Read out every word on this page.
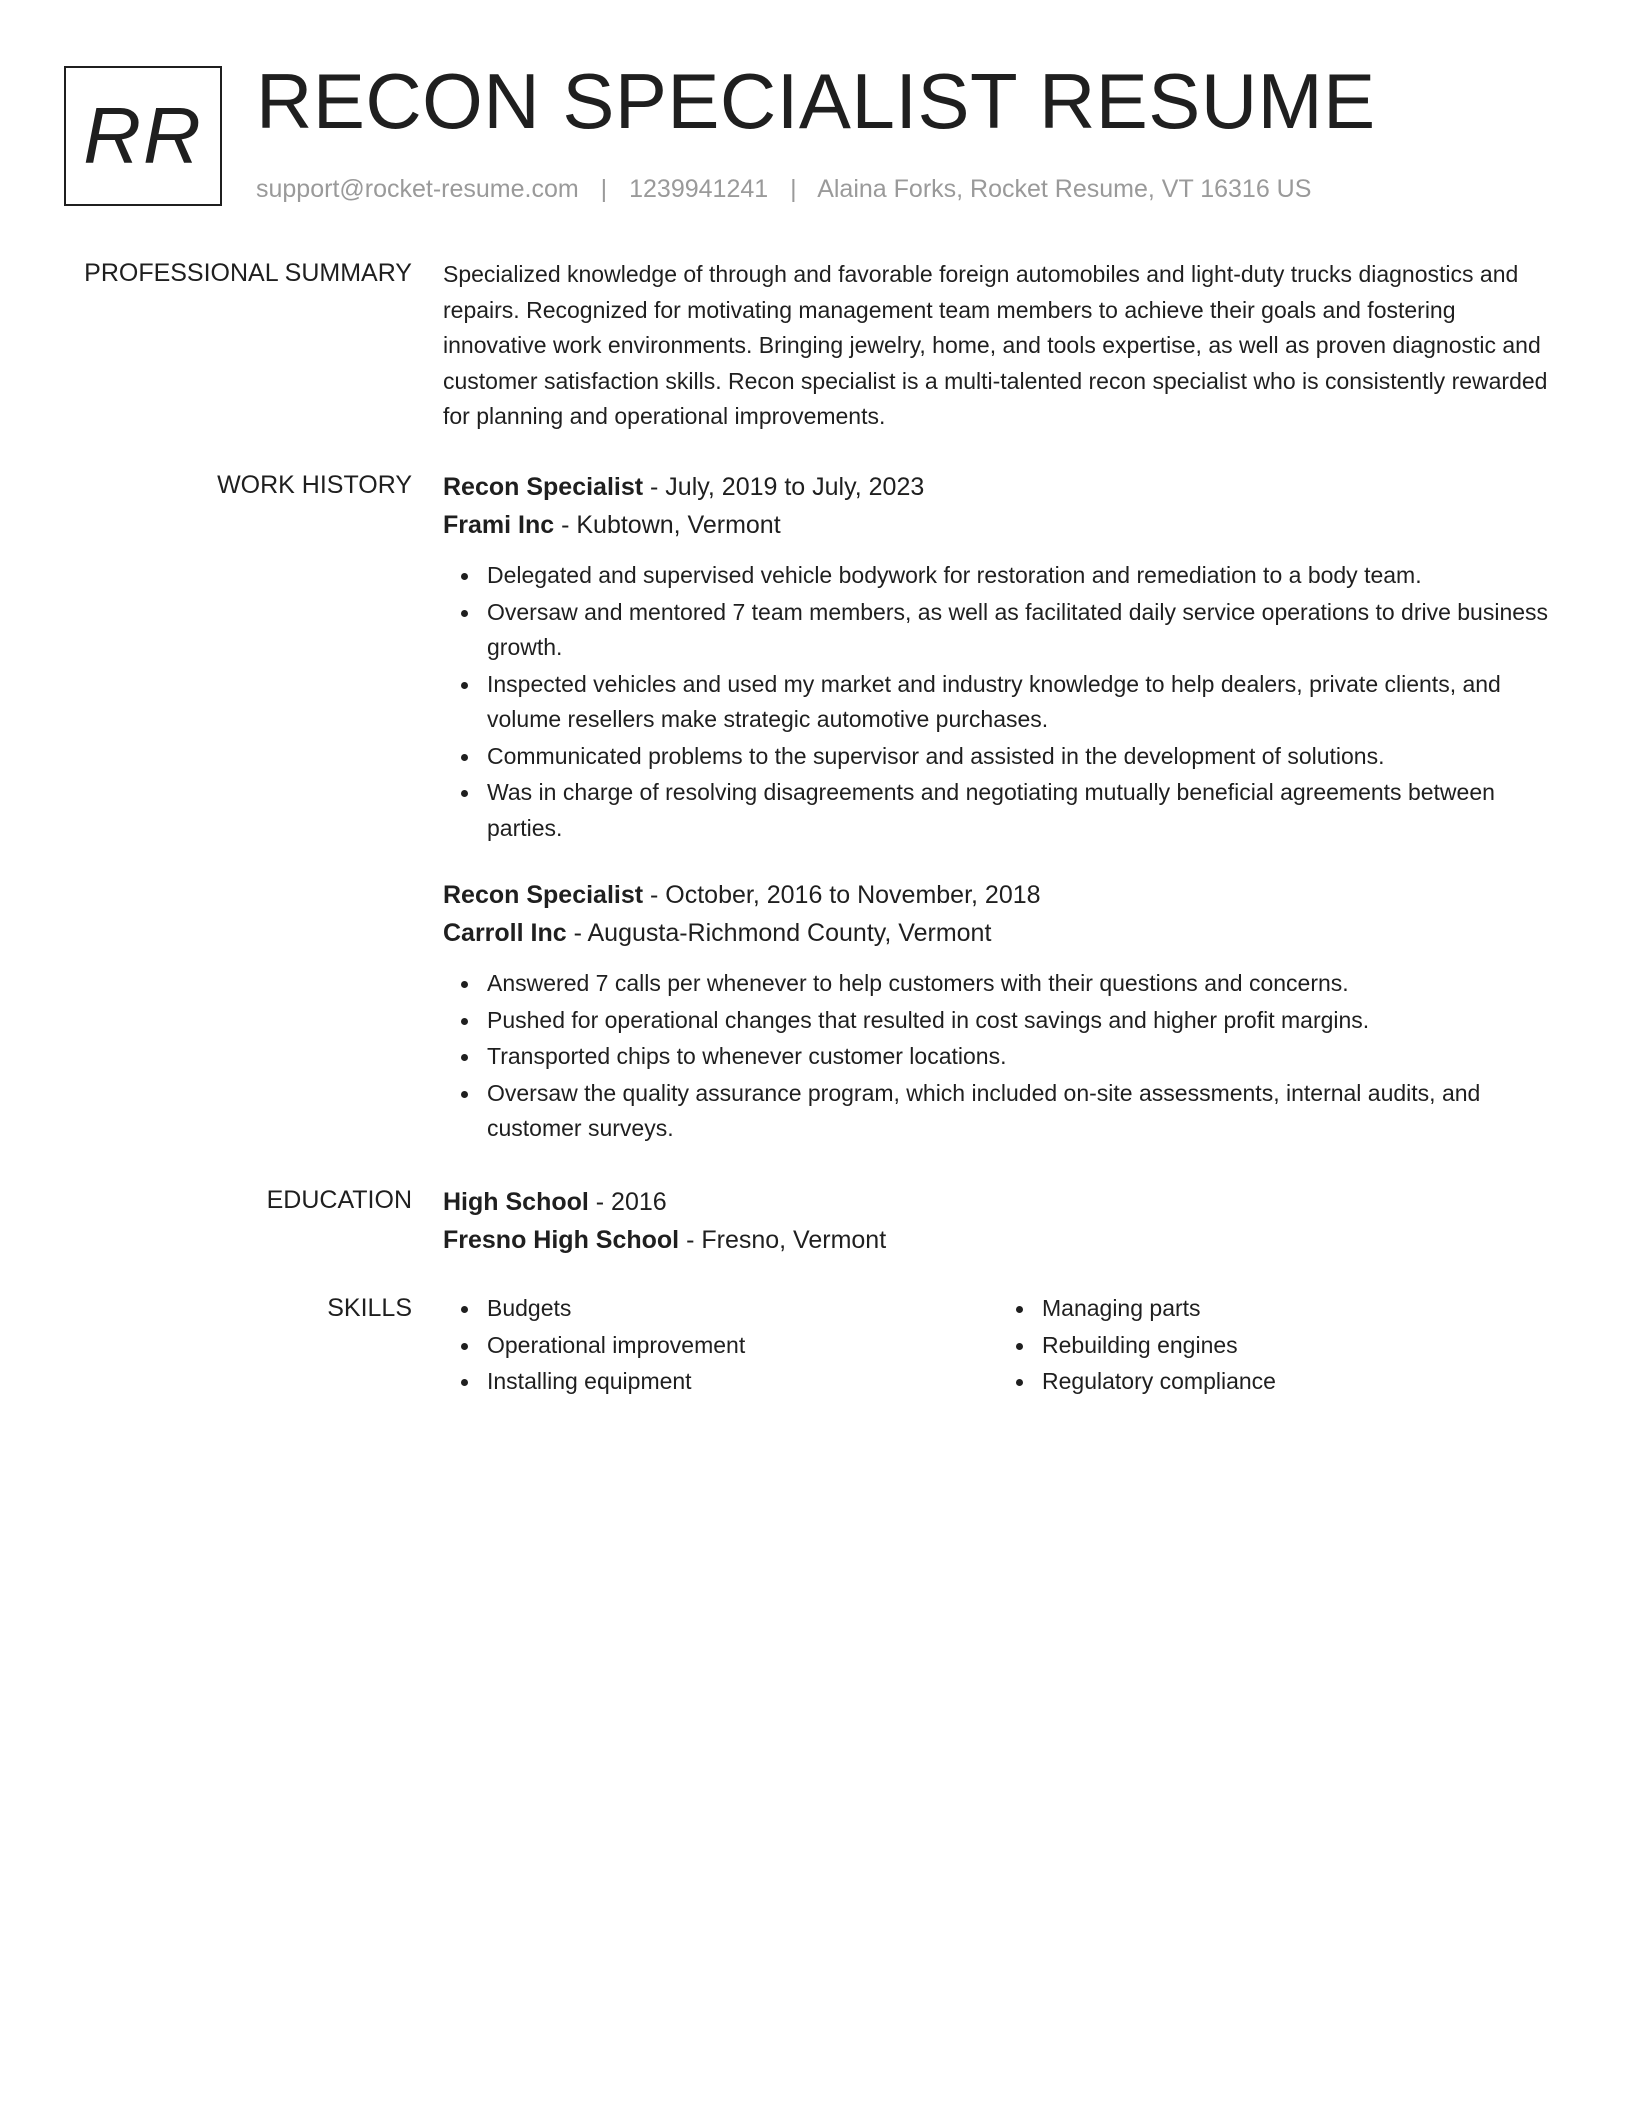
RR RECON SPECIALIST RESUME
support@rocket-resume.com | 1239941241 | Alaina Forks, Rocket Resume, VT 16316 US
PROFESSIONAL SUMMARY Specialized knowledge of through and favorable foreign automobiles and light-duty trucks diagnostics and repairs. Recognized for motivating management team members to achieve their goals and fostering innovative work environments. Bringing jewelry, home, and tools expertise, as well as proven diagnostic and customer satisfaction skills. Recon specialist is a multi-talented recon specialist who is consistently rewarded for planning and operational improvements.

WORK HISTORY Recon Specialist - July, 2019 to July, 2023

Frami Inc - Kubtown, Vermont

Delegated and supervised vehicle bodywork for restoration and remediation to a body team.
Oversaw and mentored 7 team members, as well as facilitated daily service operations to drive business growth.
Inspected vehicles and used my market and industry knowledge to help dealers, private clients, and volume resellers make strategic automotive purchases.
Communicated problems to the supervisor and assisted in the development of solutions.
Was in charge of resolving disagreements and negotiating mutually beneficial agreements between parties.

Recon Specialist - October, 2016 to November, 2018

Carroll Inc - Augusta-Richmond County, Vermont

Answered 7 calls per whenever to help customers with their questions and concerns.
Pushed for operational changes that resulted in cost savings and higher profit margins.
Transported chips to whenever customer locations.
Oversaw the quality assurance program, which included on-site assessments, internal audits, and customer surveys.
EDUCATION High School - 2016

Fresno High School - Fresno, Vermont

SKILLS	Budgets
Operational improvement
Installing equipment
Managing parts
Rebuilding engines
Regulatory compliance
